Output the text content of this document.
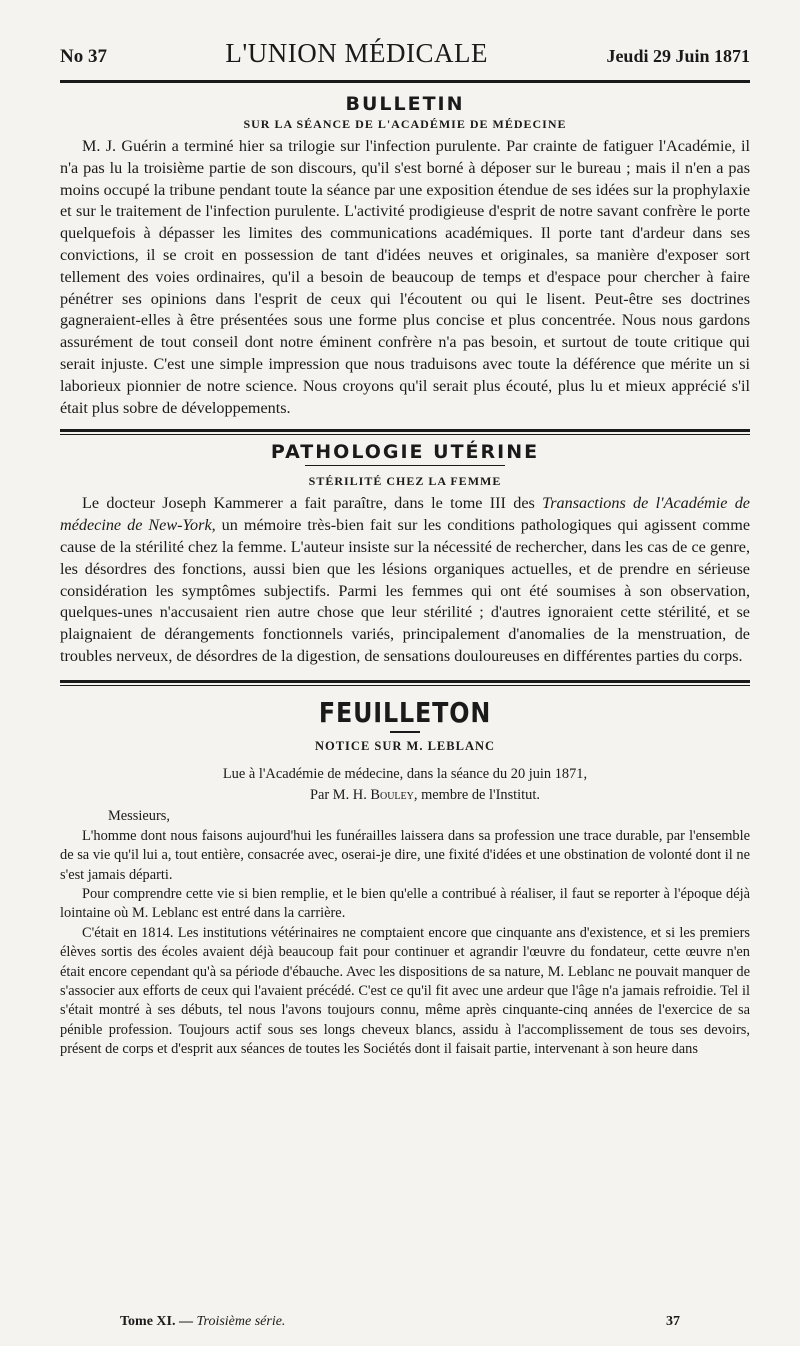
No 37	L'UNION MÉDICALE	Jeudi 29 Juin 1871
BULLETIN
SUR LA SÉANCE DE L'ACADÉMIE DE MÉDECINE

M. J. Guérin a terminé hier sa trilogie sur l'infection purulente. Par crainte de fatiguer l'Académie, il n'a pas lu la troisième partie de son discours, qu'il s'est borné à déposer sur le bureau ; mais il n'en a pas moins occupé la tribune pendant toute la séance par une exposition étendue de ses idées sur la prophylaxie et sur le traitement de l'infection purulente. L'activité prodigieuse d'esprit de notre savant confrère le porte quelquefois à dépasser les limites des communications académiques. Il porte tant d'ardeur dans ses convictions, il se croit en possession de tant d'idées neuves et originales, sa manière d'exposer sort tellement des voies ordinaires, qu'il a besoin de beaucoup de temps et d'espace pour chercher à faire pénétrer ses opinions dans l'esprit de ceux qui l'écoutent ou qui le lisent. Peut-être ses doctrines gagneraient-elles à être présentées sous une forme plus concise et plus concentrée. Nous nous gardons assurément de tout conseil dont notre éminent confrère n'a pas besoin, et surtout de toute critique qui serait injuste. C'est une simple impression que nous traduisons avec toute la déférence que mérite un si laborieux pionnier de notre science. Nous croyons qu'il serait plus écouté, plus lu et mieux apprécié s'il était plus sobre de développements.

PATHOLOGIE UTÉRINE
STÉRILITÉ CHEZ LA FEMME

Le docteur Joseph Kammerer a fait paraître, dans le tome III des Transactions de l'Académie de médecine de New-York, un mémoire très-bien fait sur les conditions pathologiques qui agissent comme cause de la stérilité chez la femme. L'auteur insiste sur la nécessité de rechercher, dans les cas de ce genre, les désordres des fonctions, aussi bien que les lésions organiques actuelles, et de prendre en sérieuse considération les symptômes subjectifs. Parmi les femmes qui ont été soumises à son observation, quelques-unes n'accusaient rien autre chose que leur stérilité ; d'autres ignoraient cette stérilité, et se plaignaient de dérangements fonctionnels variés, principalement d'anomalies de la menstruation, de troubles nerveux, de désordres de la digestion, de sensations douloureuses en différentes parties du corps.

FEUILLETON
NOTICE SUR M. LEBLANC
Lue à l'Académie de médecine, dans la séance du 20 juin 1871,
Par M. H. Bouley, membre de l'Institut.
Messieurs,

L'homme dont nous faisons aujourd'hui les funérailles laissera dans sa profession une trace durable, par l'ensemble de sa vie qu'il lui a, tout entière, consacrée avec, oserai-je dire, une fixité d'idées et une obstination de volonté dont il ne s'est jamais départi.

Pour comprendre cette vie si bien remplie, et le bien qu'elle a contribué à réaliser, il faut se reporter à l'époque déjà lointaine où M. Leblanc est entré dans la carrière.

C'était en 1814. Les institutions vétérinaires ne comptaient encore que cinquante ans d'existence, et si les premiers élèves sortis des écoles avaient déjà beaucoup fait pour continuer et agrandir l'œuvre du fondateur, cette œuvre n'en était encore cependant qu'à sa période d'ébauche. Avec les dispositions de sa nature, M. Leblanc ne pouvait manquer de s'associer aux efforts de ceux qui l'avaient précédé. C'est ce qu'il fit avec une ardeur que l'âge n'a jamais refroidie. Tel il s'était montré à ses débuts, tel nous l'avons toujours connu, même après cinquante-cinq années de l'exercice de sa pénible profession. Toujours actif sous ses longs cheveux blancs, assidu à l'accomplissement de tous ses devoirs, présent de corps et d'esprit aux séances de toutes les Sociétés dont il faisait partie, intervenant à son heure dans

Tome XI. — Troisième série.	37
